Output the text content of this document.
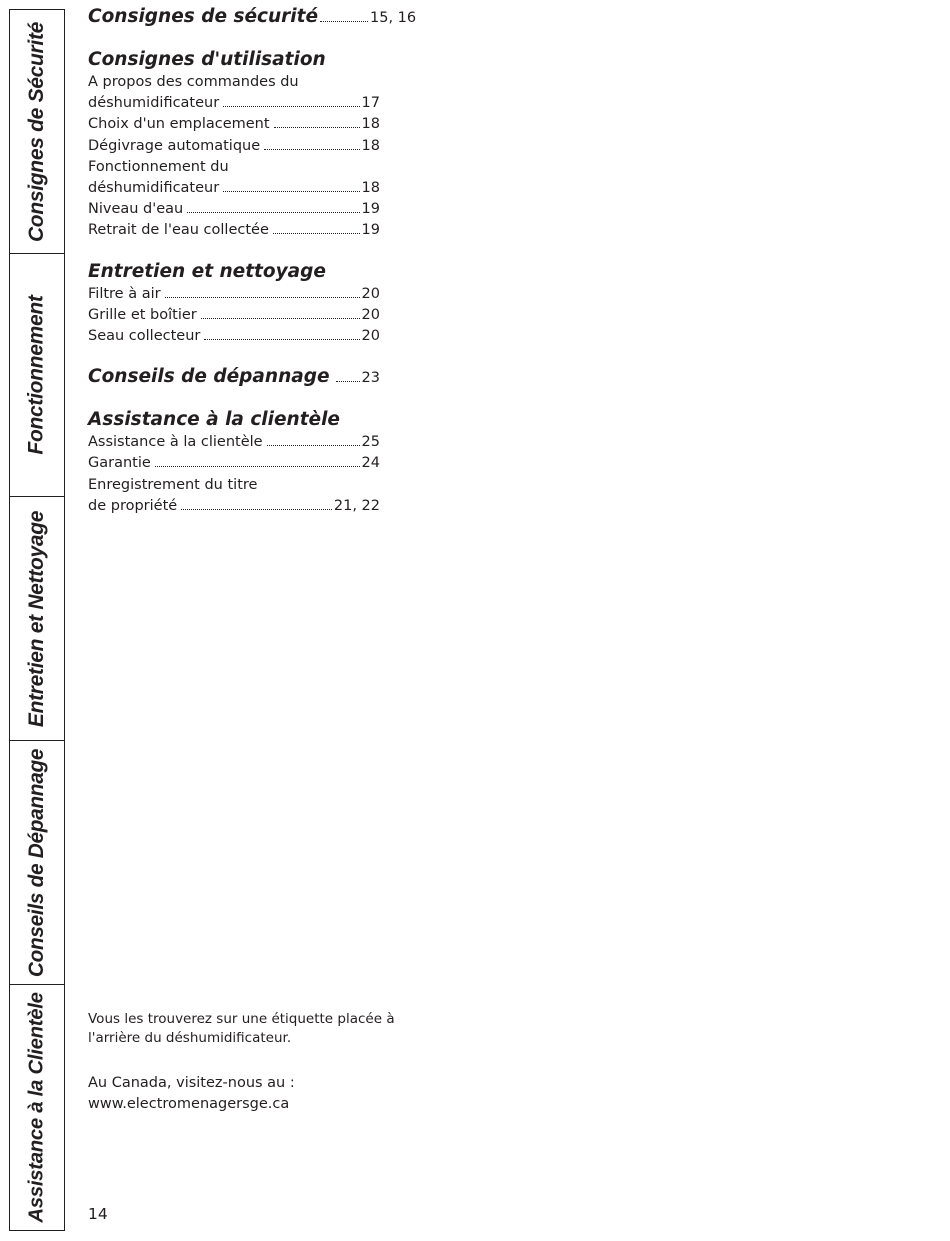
Consignes de Sécurité
Fonctionnement
Entretien et Nettoyage
Conseils de Dépannage
Assistance à la Clientèle
Consignes de sécurité	15, 16
Consignes d'utilisation
A propos des commandes du
déshumidificateur	17
Choix d'un emplacement	18
Dégivrage automatique	18
Fonctionnement du
déshumidificateur	18
Niveau d'eau	19
Retrait de l'eau collectée	19
Entretien et nettoyage
Filtre à air	20
Grille et boîtier	20
Seau collecteur	20
Conseils de dépannage 23
Assistance à la clientèle
Assistance à la clientèle	25
Garantie	24
Enregistrement du titre
de propriété	21, 22
Vous les trouverez sur une étiquette placée à
l'arrière du déshumidificateur.
Au Canada, visitez-nous au :
www.electromenagersge.ca
14
